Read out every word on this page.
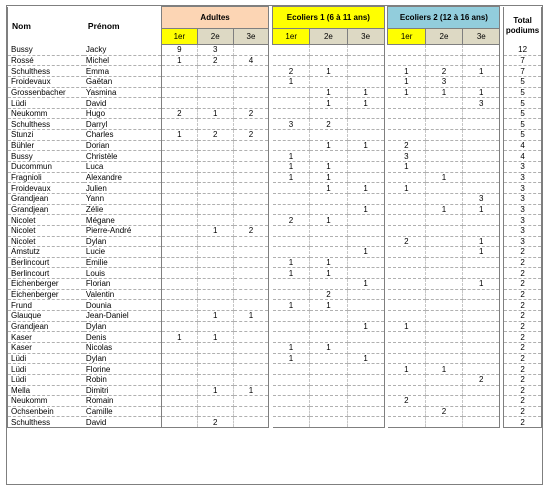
Nom	Prénom	Adultes				Ecoliers 1 (6 à 11 ans)				Ecoliers 2 (12 à 16 ans)				Total
podiums
		1er	2e	3e		1er	2e	3e		1er	2e	3e		
Bussy	Jacky	9	3											12
Rossé	Michel	1	2	4										7
Schulthess	Emma					2	1			1	2	1		7
Froidevaux	Gaëtan					1				1	3			5
Grossenbacher	Yasmina						1	1		1	1	1		5
Lüdi	David						1	1				3		5
Neukomm	Hugo	2	1	2										5
Schulthess	Darryl					3	2							5
Stunzi	Charles	1	2	2										5
Bühler	Dorian						1	1		2				4
Bussy	Christèle					1				3				4
Ducommun	Luca					1	1			1				3
Fragnioli	Alexandre					1	1				1			3
Froidevaux	Julien						1	1		1				3
Grandjean	Yann											3		3
Grandjean	Zélie							1			1	1		3
Nicolet	Mégane					2	1							3
Nicolet	Pierre-André		1	2										3
Nicolet	Dylan									2		1		3
Amstutz	Lucie							1				1		2
Berlincourt	Emilie					1	1							2
Berlincourt	Louis					1	1							2
Eichenberger	Florian							1				1		2
Eichenberger	Valentin						2							2
Frund	Dounia					1	1							2
Glauque	Jean-Daniel		1	1										2
Grandjean	Dylan							1		1				2
Kaser	Denis	1	1											2
Kaser	Nicolas					1	1							2
Lüdi	Dylan					1		1						2
Lüdi	Florine									1	1			2
Lüdi	Robin											2		2
Mella	Dimitri		1	1										2
Neukomm	Romain									2				2
Ochsenbein	Camille										2			2
Schulthess	David		2											2
